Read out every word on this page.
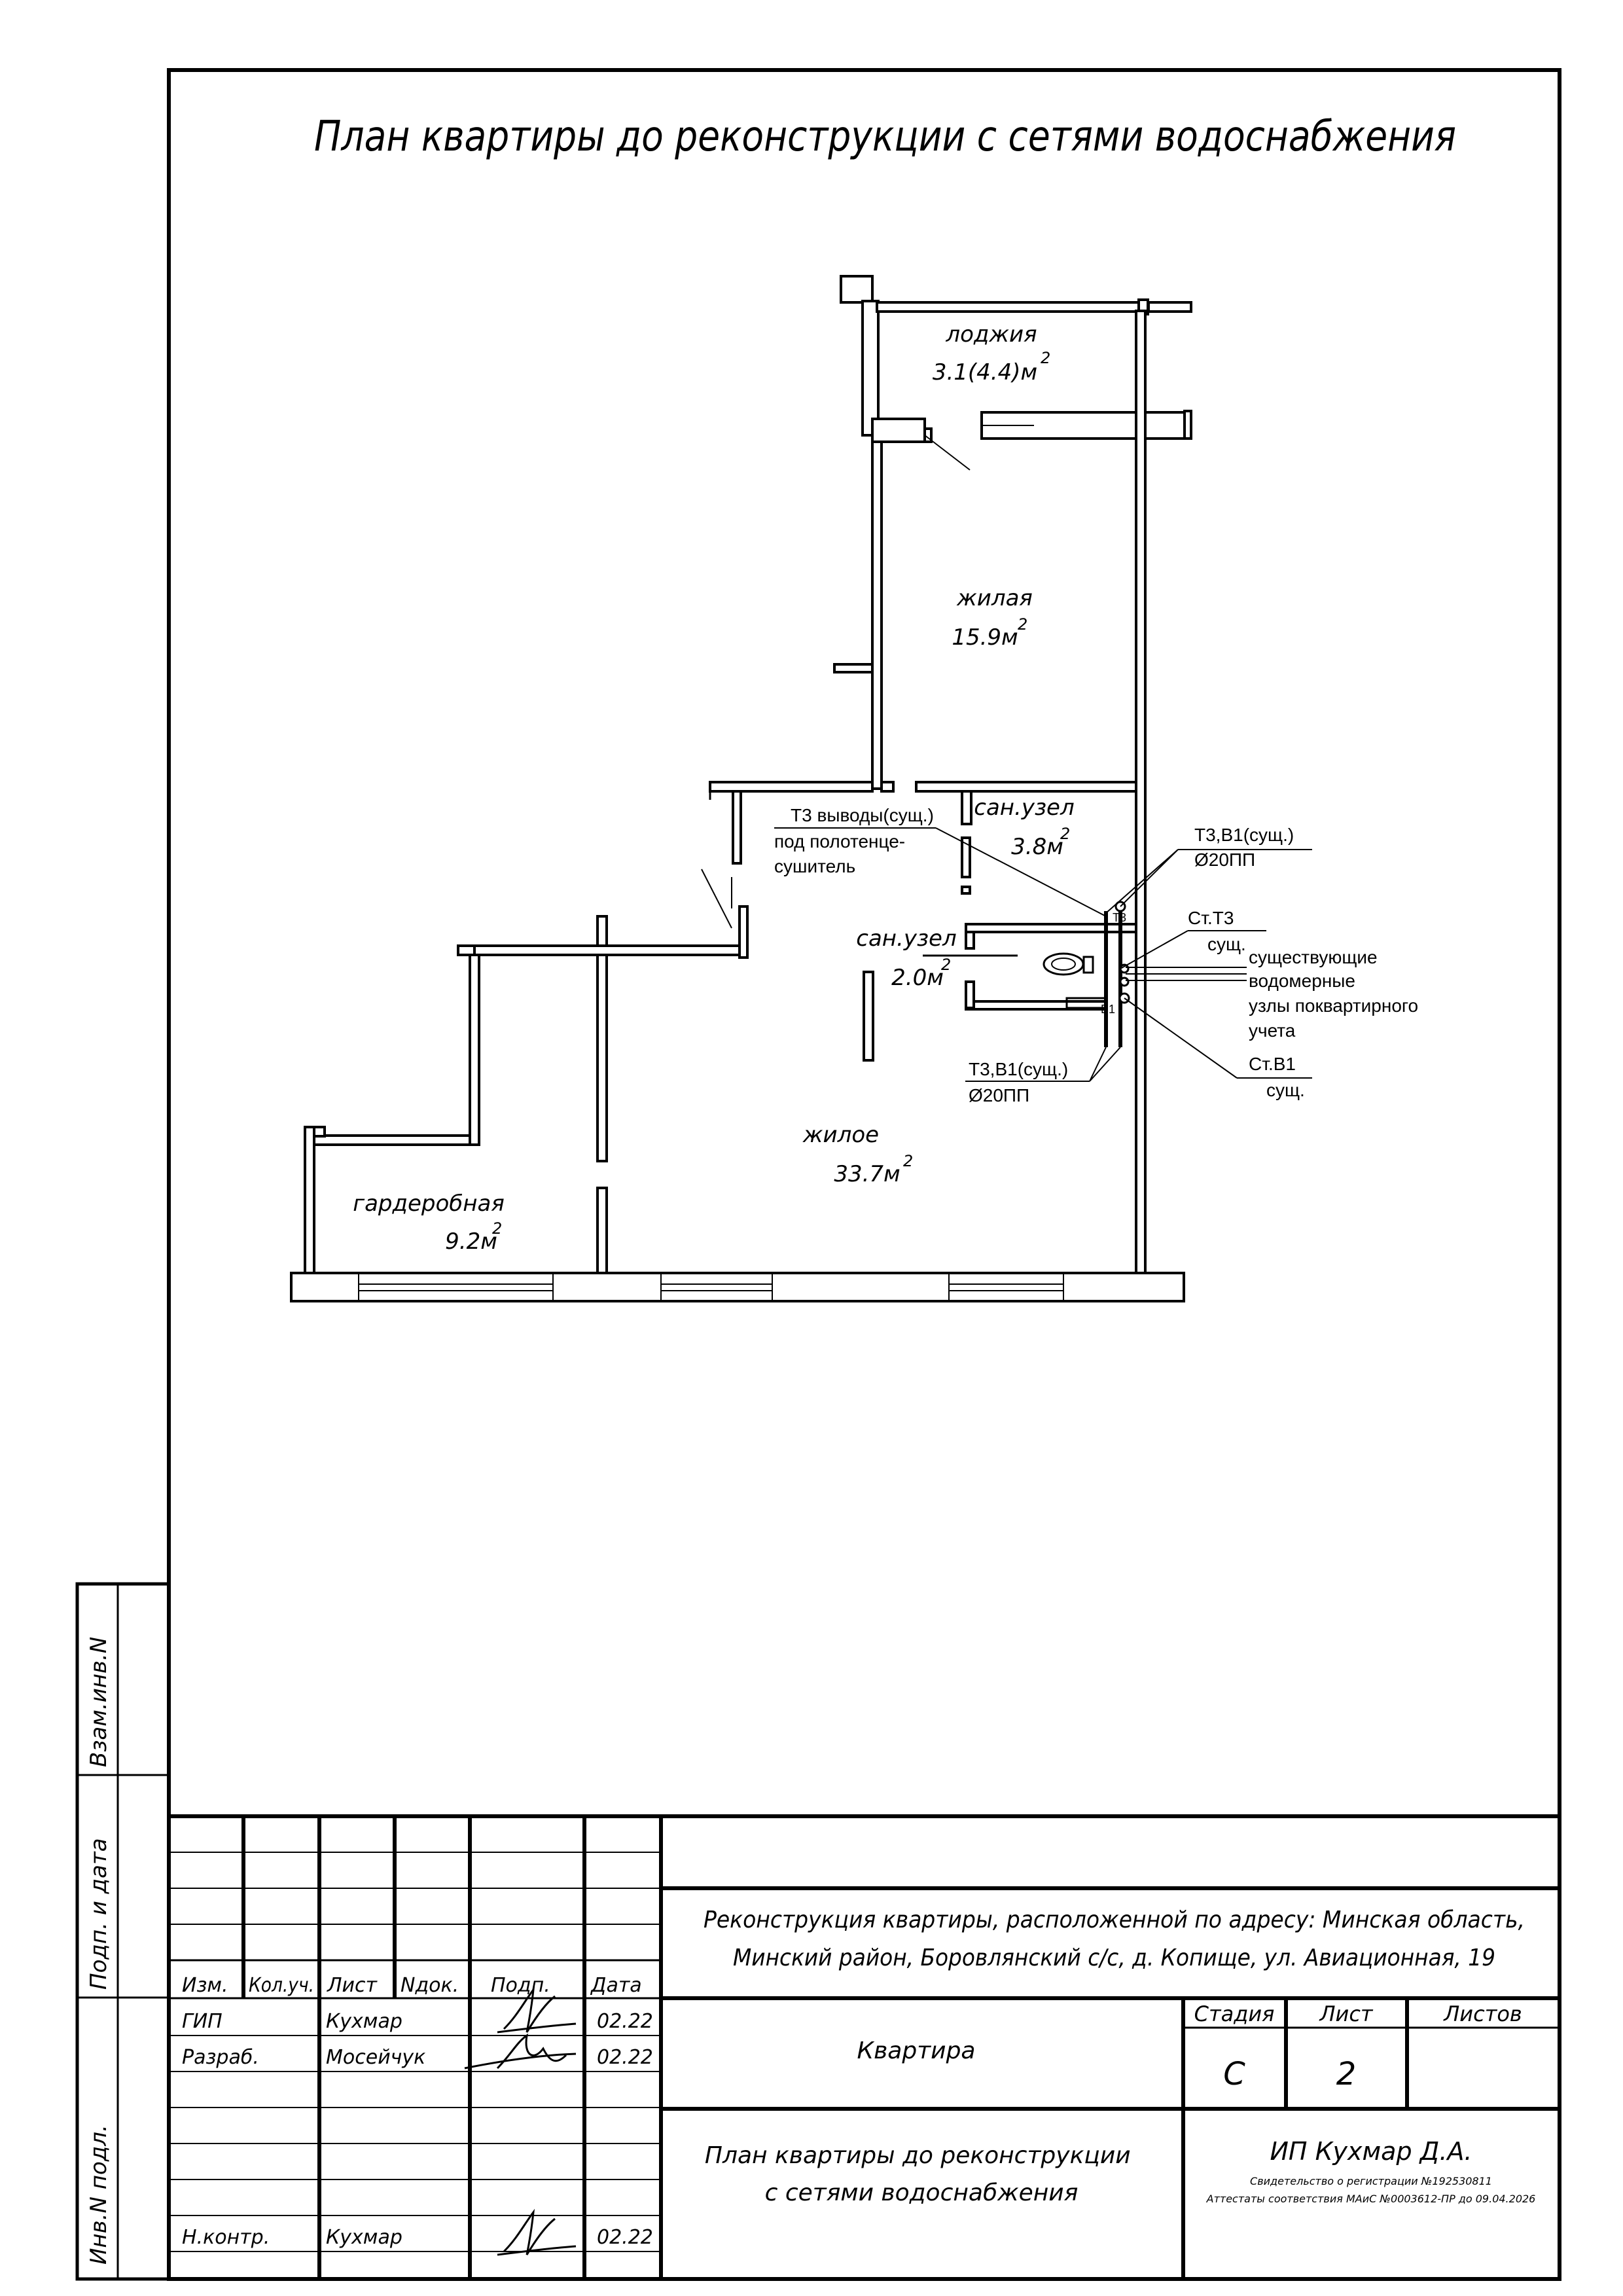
План квартиры до реконструкции с сетями водоснабжения
Т3
В1
лоджия
3.1(4.4)м
2
жилая
15.9м 2
сан.узел
3.8м
2
сан.узел
2.0м
2
жилое
33.7м 2
гардеробная
9.2м
2
Т3 выводы(сущ.) под полотенце- сушитель
Т3,В1(сущ.) Ø20ПП
Ст.Т3 сущ.
существующие водомерные узлы поквартирного учета
Ст.В1 сущ.
Т3,В1(сущ.) Ø20ПП
Взам.инв.N
Подп. и дата
Инв.N подл.
Изм. Кол.уч. Лист Nдок. Подп. Дата
ГИП	Кухмар	02.22
Разраб.	Мосейчук	02.22
Н.контр.	Кухмар	02.22
Реконструкция квартиры, расположенной по адресу: Минская область, Минский район, Боровлянский с/с, д. Копище, ул. Авиационная, 19
Квартира
Стадия Лист	Листов
С	2
План квартиры до реконструкции с сетями водоснабжения
ИП Кухмар Д.А.
Свидетельство о регистрации №192530811
Аттестаты соответствия МАиС №0003612-ПР до 09.04.2026
